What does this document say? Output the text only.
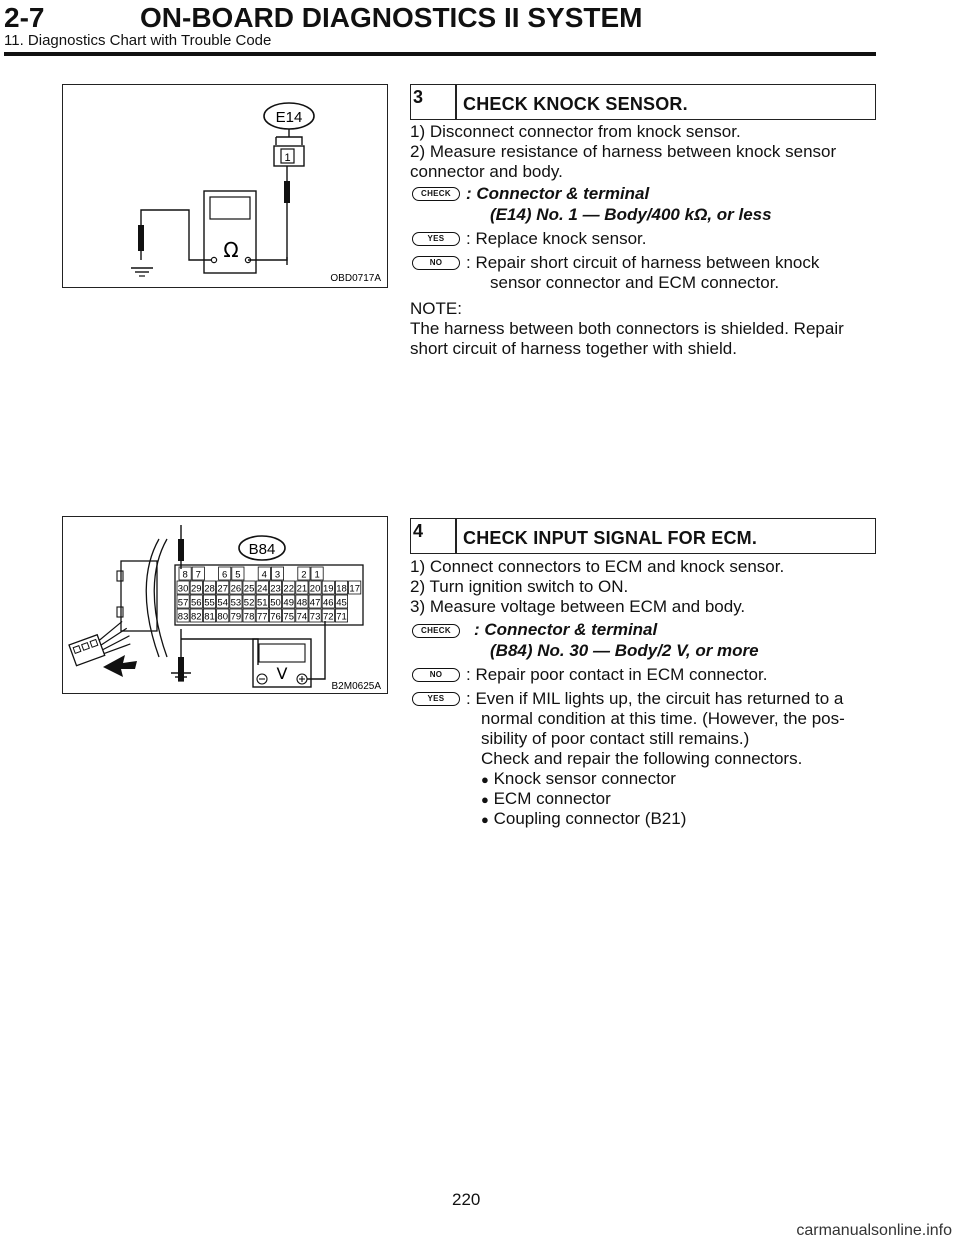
2-7	ON-BOARD DIAGNOSTICS II SYSTEM
11. Diagnostics Chart with Trouble Code
E14
1
Ω
OBD0717A
3 CHECK KNOCK SENSOR.
1) Disconnect connector from knock sensor.
2) Measure resistance of harness between knock sensor
connector and body.
CHECK : Connector & terminal
(E14) No. 1 — Body/400 kΩ, or less
YES	: Replace knock sensor.
NO	: Repair short circuit of harness between knock
sensor connector and ECM connector.
NOTE:
The harness between both connectors is shielded. Repair
short circuit of harness together with shield.
B84
8 7 6 5 4 3 2 1
30 29 28 27 26 25 24 23 22 21 20 19 18 17
57 56 55 54 53 52 51 50 49 48 47 46 45
83 82 81 80 79 78 77 76 75 74 73 72 71
V
B2M0625A
4 CHECK INPUT SIGNAL FOR ECM.
1) Connect connectors to ECM and knock sensor.
2) Turn ignition switch to ON.
3) Measure voltage between ECM and body.
CHECK	: Connector & terminal
(B84) No. 30 — Body/2 V, or more
NO	: Repair poor contact in ECM connector.
YES	: Even if MIL lights up, the circuit has returned to a
normal condition at this time. (However, the pos-
sibility of poor contact still remains.)
Check and repair the following connectors.
● Knock sensor connector
● ECM connector
● Coupling connector (B21)
220
carmanualsonline.info
